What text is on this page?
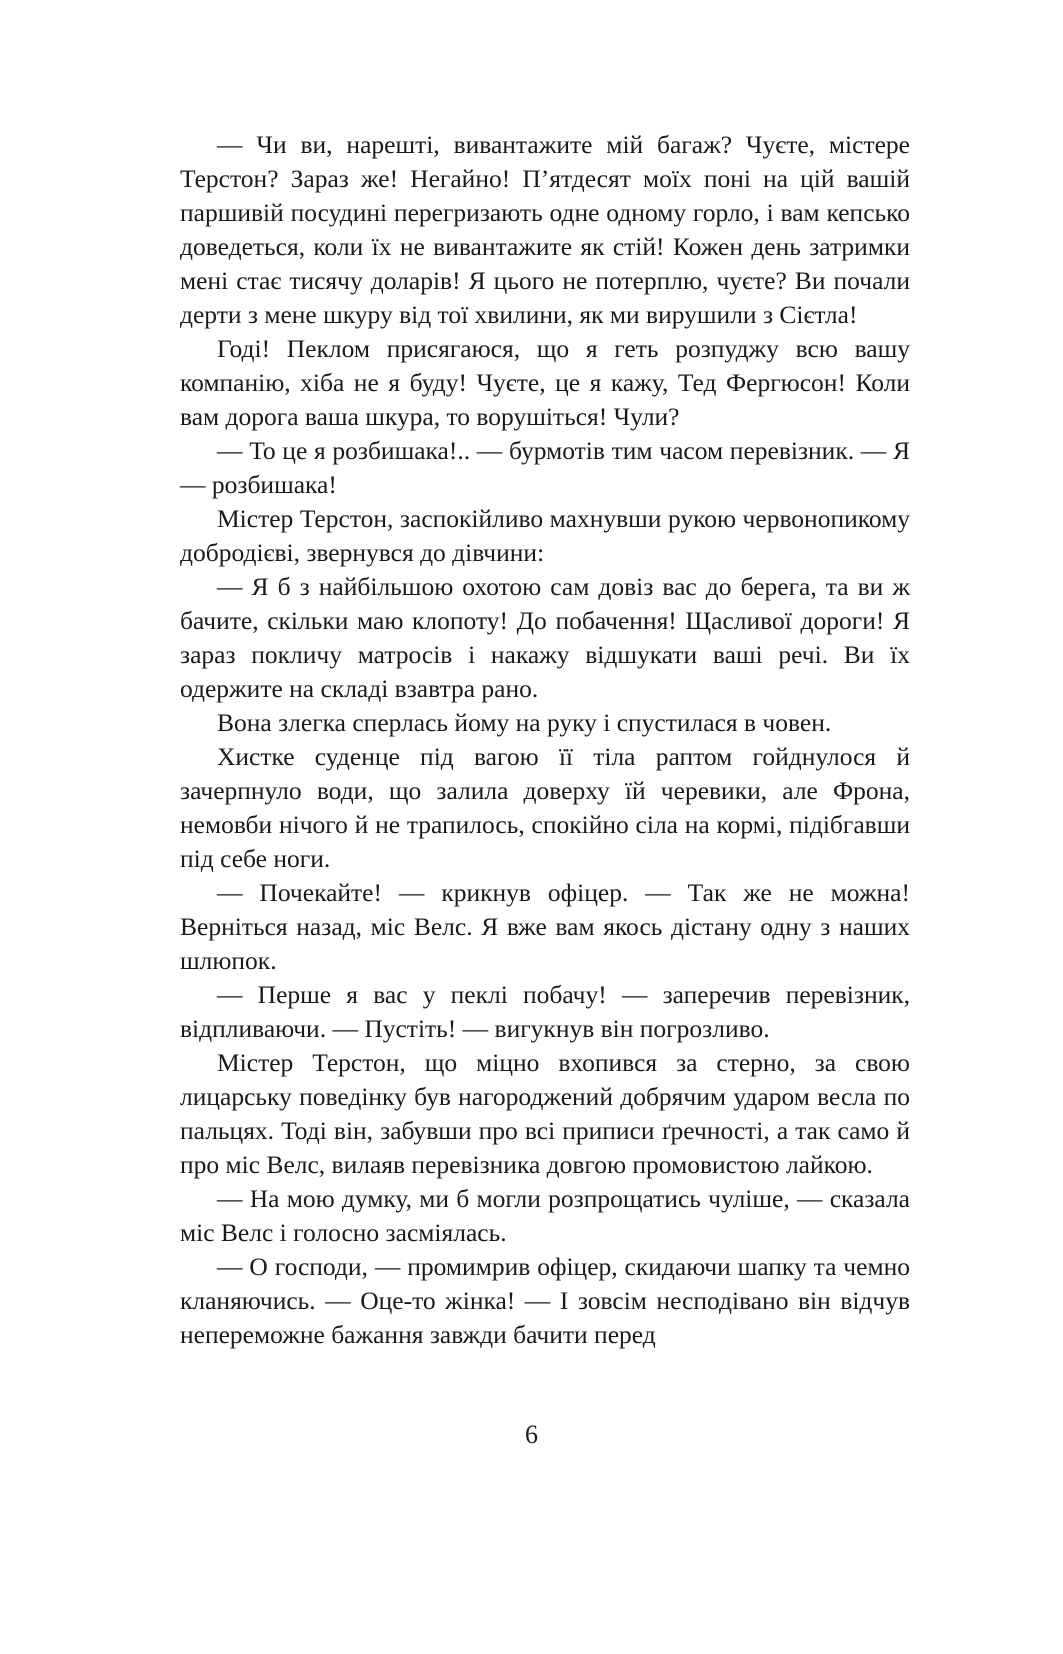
— Чи ви, нарешті, вивантажите мій багаж? Чуєте, містере Терстон? Зараз же! Негайно! П’ятдесят моїх поні на цій вашій паршивій посудині перегризають одне одному горло, і вам кепсько доведеться, коли їх не вивантажите як стій! Кожен день затримки мені стає тисячу доларів! Я цього не потерплю, чуєте? Ви почали дерти з мене шкуру від тої хвилини, як ми вирушили з Сієтла!

Годі! Пеклом присягаюся, що я геть розпуджу всю вашу компанію, хіба не я буду! Чуєте, це я кажу, Тед Фергюсон! Коли вам дорога ваша шкура, то ворушіться! Чули?

— То це я розбишака!.. — бурмотів тим часом перевізник. — Я — розбишака!

Містер Терстон, заспокійливо махнувши рукою червонопикому добродієві, звернувся до дівчини:

— Я б з найбільшою охотою сам довіз вас до берега, та ви ж бачите, скільки маю клопоту! До побачення! Щасливої дороги! Я зараз покличу матросів і накажу відшукати ваші речі. Ви їх одержите на складі взавтра рано.

Вона злегка сперлась йому на руку і спустилася в човен.

Хистке суденце під вагою її тіла раптом гойднулося й зачерпнуло води, що залила доверху їй черевики, але Фрона, немовби нічого й не трапилось, спокійно сіла на кормі, підібгавши під себе ноги.

— Почекайте! — крикнув офіцер. — Так же не можна! Верніться назад, міс Велс. Я вже вам якось дістану одну з наших шлюпок.

— Перше я вас у пеклі побачу! — заперечив перевізник, відпливаючи. — Пустіть! — вигукнув він погрозливо.

Містер Терстон, що міцно вхопився за стерно, за свою лицарську поведінку був нагороджений добрячим ударом весла по пальцях. Тоді він, забувши про всі приписи ґречності, а так само й про міс Велс, вилаяв перевізника довгою промовистою лайкою.

— На мою думку, ми б могли розпрощатись чуліше, — сказала міс Велс і голосно засміялась.

— О господи, — промимрив офіцер, скидаючи шапку та чемно кланяючись. — Оце-то жінка! — І зовсім несподівано він відчув непереможне бажання завжди бачити перед

6
